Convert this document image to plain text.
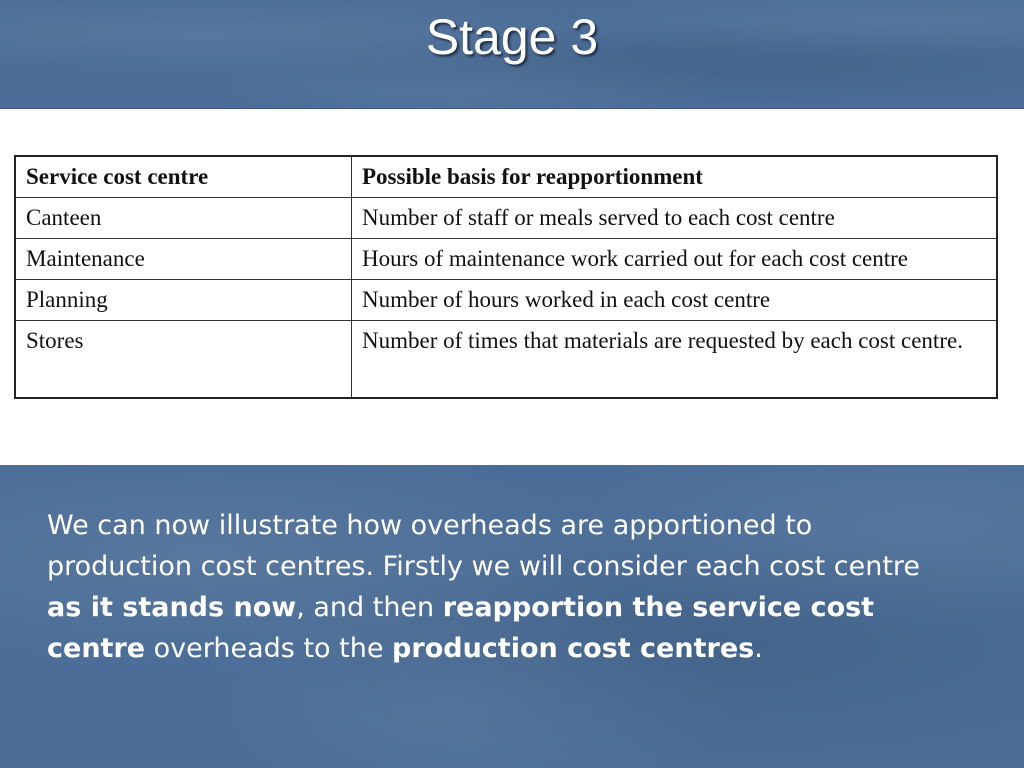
Stage 3
Service cost centre	Possible basis for reapportionment
Canteen	Number of staff or meals served to each cost centre
Maintenance	Hours of maintenance work carried out for each cost centre
Planning	Number of hours worked in each cost centre
Stores	Number of times that materials are requested by each cost centre.

We can now illustrate how overheads are apportioned to production cost centres. Firstly we will consider each cost centre as it stands now, and then reapportion the service cost centre overheads to the production cost centres.
